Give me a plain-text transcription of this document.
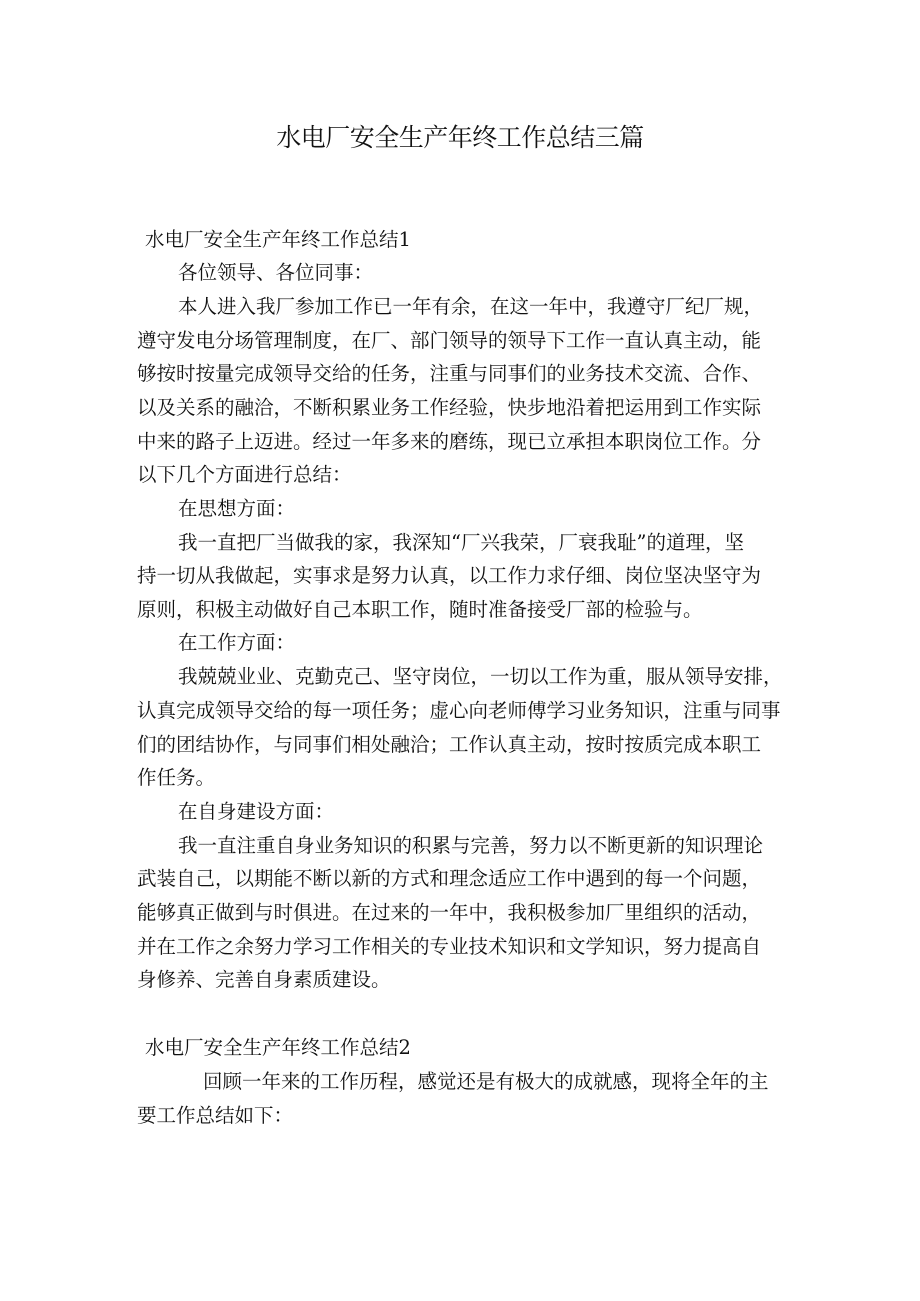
水电厂安全生产年终工作总结三篇
水电厂安全生产年终工作总结1
各位领导、各位同事：
本人进入我厂参加工作已一年有余，在这一年中，我遵守厂纪厂规，
遵守发电分场管理制度，在厂、部门领导的领导下工作一直认真主动，能
够按时按量完成领导交给的任务，注重与同事们的业务技术交流、合作、
以及关系的融洽，不断积累业务工作经验，快步地沿着把运用到工作实际
中来的路子上迈进。经过一年多来的磨练，现已立承担本职岗位工作。分
以下几个方面进行总结：
在思想方面：
我一直把厂当做我的家，我深知“厂兴我荣，厂衰我耻”的道理，坚
持一切从我做起，实事求是努力认真，以工作力求仔细、岗位坚决坚守为
原则，积极主动做好自己本职工作，随时准备接受厂部的检验与。
在工作方面：
我兢兢业业、克勤克己、坚守岗位，一切以工作为重，服从领导安排，
认真完成领导交给的每一项任务；虚心向老师傅学习业务知识，注重与同事
们的团结协作，与同事们相处融洽；工作认真主动，按时按质完成本职工
作任务。
在自身建设方面：
我一直注重自身业务知识的积累与完善，努力以不断更新的知识理论
武装自己，以期能不断以新的方式和理念适应工作中遇到的每一个问题，
能够真正做到与时俱进。在过来的一年中，我积极参加厂里组织的活动，
并在工作之余努力学习工作相关的专业技术知识和文学知识，努力提高自
身修养、完善自身素质建设。
水电厂安全生产年终工作总结2
回顾一年来的工作历程，感觉还是有极大的成就感，现将全年的主
要工作总结如下：
